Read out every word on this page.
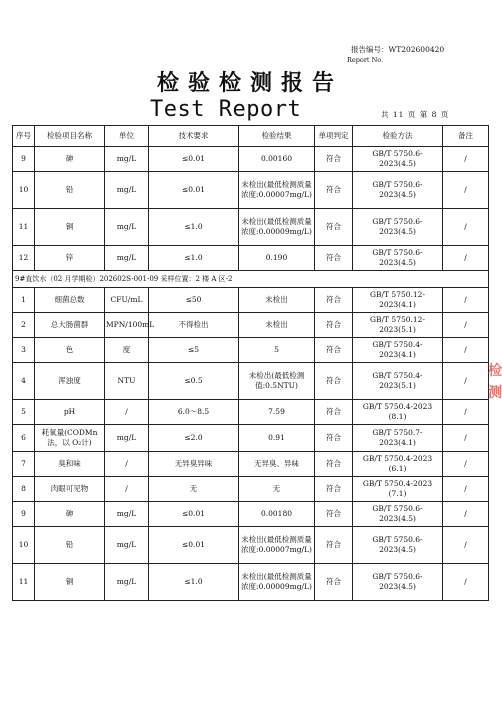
报告编号：WT202600420
Report No.
检验检测报告
Test Report	共 11 页 第 8 页
序号	检验项目名称	单位	技术要求	检验结果	单项判定	检验方法	备注
9	砷	mg/L	≤0.01	0.00160	符合	GB/T 5750.6-2023(4.5)	/
10	铅	mg/L	≤0.01	未检出(最低检测质量浓度:0.00007mg/L)	符合	GB/T 5750.6-2023(4.5)	/
11	铜	mg/L	≤1.0	未检出(最低检测质量浓度:0.00009mg/L)	符合	GB/T 5750.6-2023(4.5)	/
12	锌	mg/L	≤1.0	0.190	符合	GB/T 5750.6-2023(4.5)	/
9#直饮水（02 月学期检）202602S-001-09 采样位置：2 楼 A 区-2							
1	细菌总数	CFU/mL	≤50	未检出	符合	GB/T 5750.12-2023(4.1)	/
2	总大肠菌群	MPN/100mL	不得检出	未检出	符合	GB/T 5750.12-2023(5.1)	/
3	色	度	≤5	5	符合	GB/T 5750.4-2023(4.1)	/
4	浑浊度	NTU	≤0.5	未检出(最低检测值:0.5NTU)	符合	GB/T 5750.4-2023(5.1)	/
5	pH	/	6.0～8.5	7.59	符合	GB/T 5750.4-2023 (8.1)	/
6	耗氧量(CODMn 法，以 O₂计)	mg/L	≤2.0	0.91	符合	GB/T 5750.7-2023(4.1)	/
7	臭和味	/	无异臭异味	无异臭、异味	符合	GB/T 5750.4-2023 (6.1)	/
8	肉眼可见物	/	无	无	符合	GB/T 5750.4-2023 (7.1)	/
9	砷	mg/L	≤0.01	0.00180	符合	GB/T 5750.6-2023(4.5)	/
10	铅	mg/L	≤0.01	未检出(最低检测质量浓度:0.00007mg/L)	符合	GB/T 5750.6-2023(4.5)	/
11	铜	mg/L	≤1.0	未检出(最低检测质量浓度:0.00009mg/L)	符合	GB/T 5750.6-2023(4.5)	/
检 测
